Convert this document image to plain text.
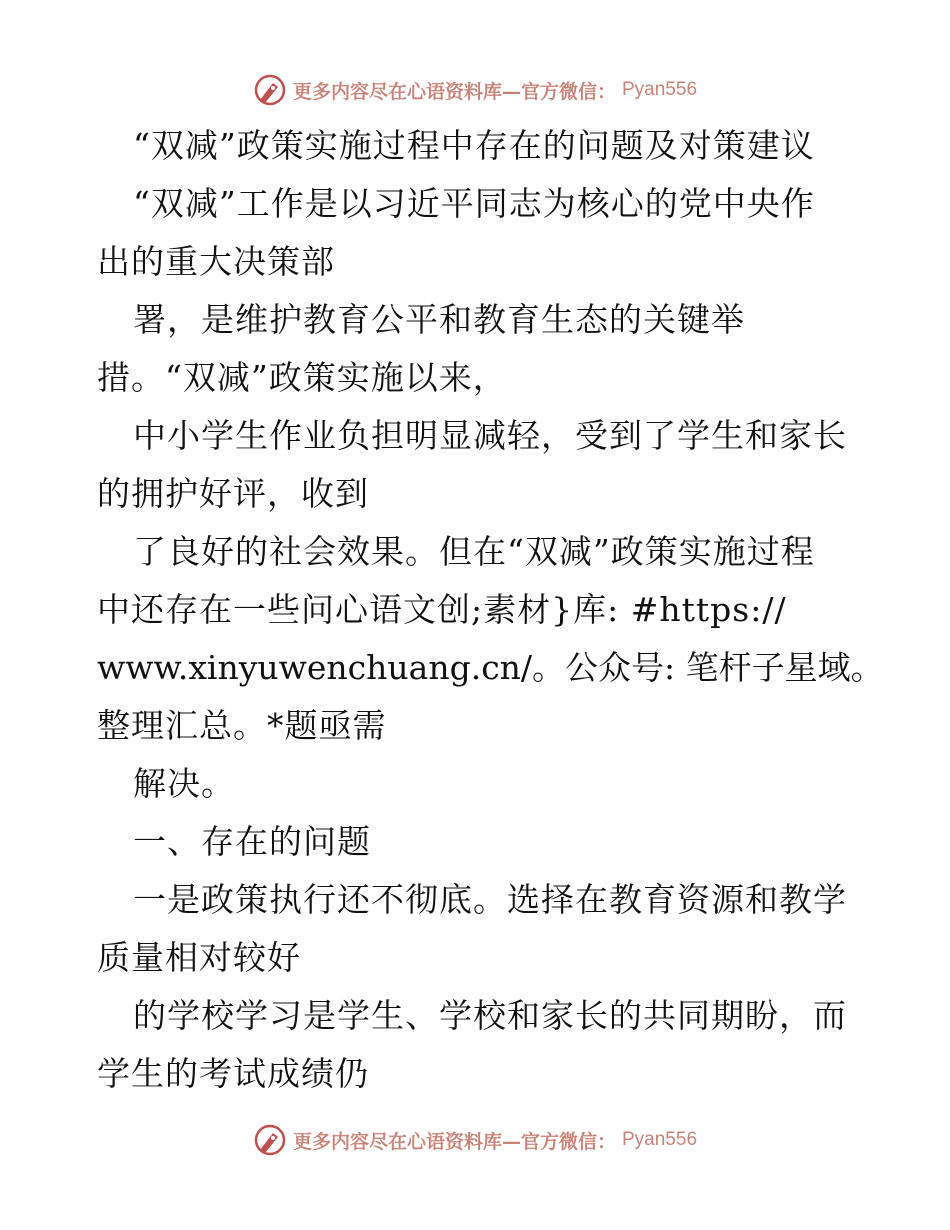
更多内容尽在心语资料库—官方微信： Pyan556
“双减”政策实施过程中存在的问题及对策建议
“双减”工作是以习近平同志为核心的党中央作
出的重大决策部
署，是维护教育公平和教育生态的关键举
措。“双减”政策实施以来，
中小学生作业负担明显减轻，受到了学生和家长
的拥护好评，收到
了良好的社会效果。但在“双减”政策实施过程
中还存在一些问心语文创;素材}库: #https://
www.xinyuwenchuang.cn/。公众号: 笔杆子星域。
整理汇总。*题亟需
解决。
一、存在的问题
一是政策执行还不彻底。选择在教育资源和教学
质量相对较好
的学校学习是学生、学校和家长的共同期盼，而
学生的考试成绩仍
更多内容尽在心语资料库—官方微信： Pyan556
